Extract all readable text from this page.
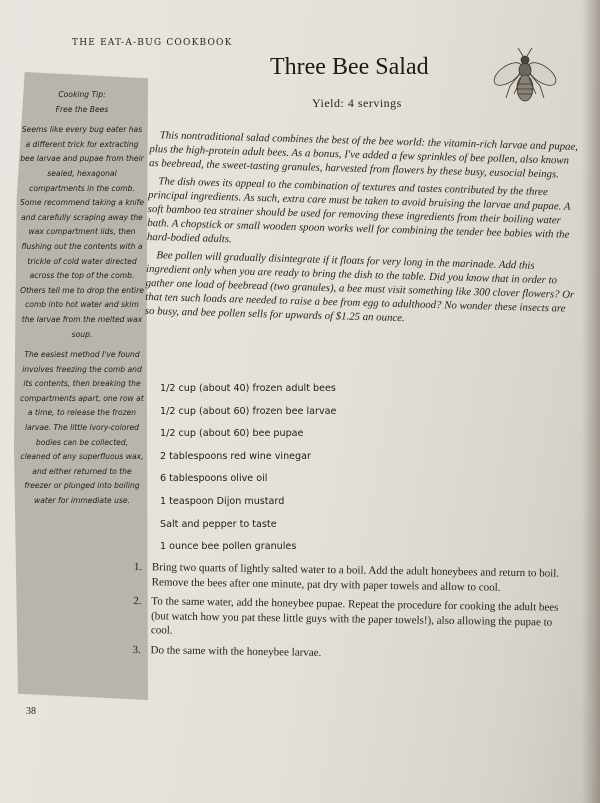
THE EAT-A-BUG COOKBOOK
Three Bee Salad
Yield: 4 servings
Cooking Tip:
Free the Bees

Seems like every bug eater has a different trick for extracting bee larvae and pupae from their sealed, hexagonal compartments in the comb. Some recommend taking a knife and carefully scraping away the wax compartment lids, then flushing out the contents with a trickle of cold water directed across the top of the comb. Others tell me to drop the entire comb into hot water and skim the larvae from the melted wax soup.

The easiest method I've found involves freezing the comb and its contents, then breaking the compartments apart, one row at a time, to release the frozen larvae. The little ivory-colored bodies can be collected, cleaned of any superfluous wax, and either returned to the freezer or plunged into boiling water for immediate use.

This nontraditional salad combines the best of the bee world: the vitamin-rich larvae and pupae, plus the high-protein adult bees. As a bonus, I've added a few sprinkles of bee pollen, also known as beebread, the sweet-tasting granules, harvested from flowers by these busy, eusocial beings.

The dish owes its appeal to the combination of textures and tastes contributed by the three principal ingredients. As such, extra care must be taken to avoid bruising the larvae and pupae. A soft bamboo tea strainer should be used for removing these ingredients from their boiling water bath. A chopstick or small wooden spoon works well for combining the tender bee babies with the hard-bodied adults.

Bee pollen will gradually disintegrate if it floats for very long in the marinade. Add this ingredient only when you are ready to bring the dish to the table. Did you know that in order to gather one load of beebread (two granules), a bee must visit something like 300 clover flowers? Or that ten such loads are needed to raise a bee from egg to adulthood? No wonder these insects are so busy, and bee pollen sells for upwards of $1.25 an ounce.

1/2 cup (about 40) frozen adult bees
1/2 cup (about 60) frozen bee larvae
1/2 cup (about 60) bee pupae
2 tablespoons red wine vinegar
6 tablespoons olive oil
1 teaspoon Dijon mustard
Salt and pepper to taste
1 ounce bee pollen granules
1. Bring two quarts of lightly salted water to a boil. Add the adult honeybees and return to boil. Remove the bees after one minute, pat dry with paper towels and allow to cool.
2. To the same water, add the honeybee pupae. Repeat the procedure for cooking the adult bees (but watch how you pat these little guys with the paper towels!), also allowing the pupae to cool.
3. Do the same with the honeybee larvae.
38
